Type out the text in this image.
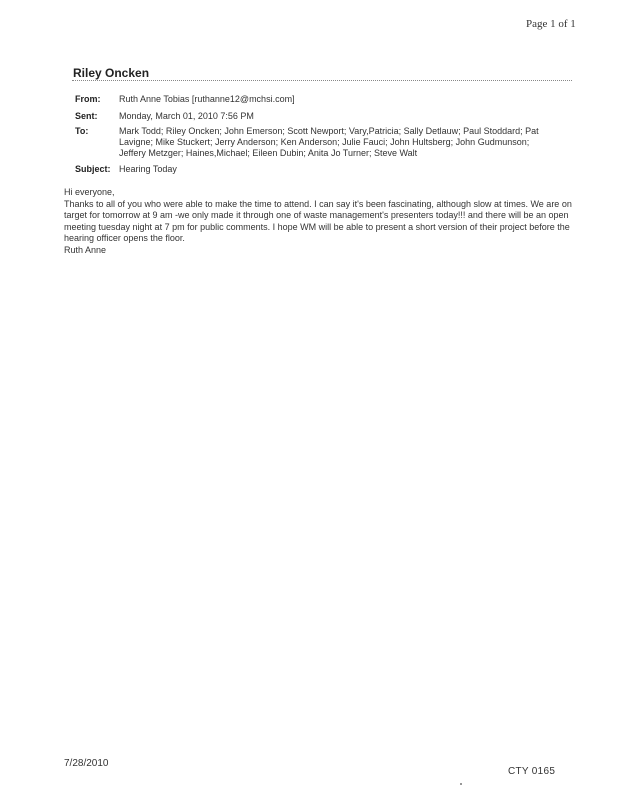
Page 1 of 1
Riley Oncken
From:	Ruth Anne Tobias [ruthanne12@mchsi.com]
Sent:	Monday, March 01, 2010 7:56 PM
To:	Mark Todd; Riley Oncken; John Emerson; Scott Newport; Vary,Patricia; Sally Detlauw; Paul Stoddard; Pat Lavigne; Mike Stuckert; Jerry Anderson; Ken Anderson; Julie Fauci; John Hultsberg; John Gudmunson; Jeffery Metzger; Haines,Michael; Eileen Dubin; Anita Jo Turner; Steve Walt
Subject: Hearing Today

Hi everyone,

Thanks to all of you who were able to make the time to attend. I can say it's been fascinating, although slow at times. We are on target for tomorrow at 9 am -we only made it through one of waste management's presenters today!!! and there will be an open meeting tuesday night at 7 pm for public comments. I hope WM will be able to present a short version of their project before the hearing officer opens the floor.

Ruth Anne

7/28/2010
CTY 0165
